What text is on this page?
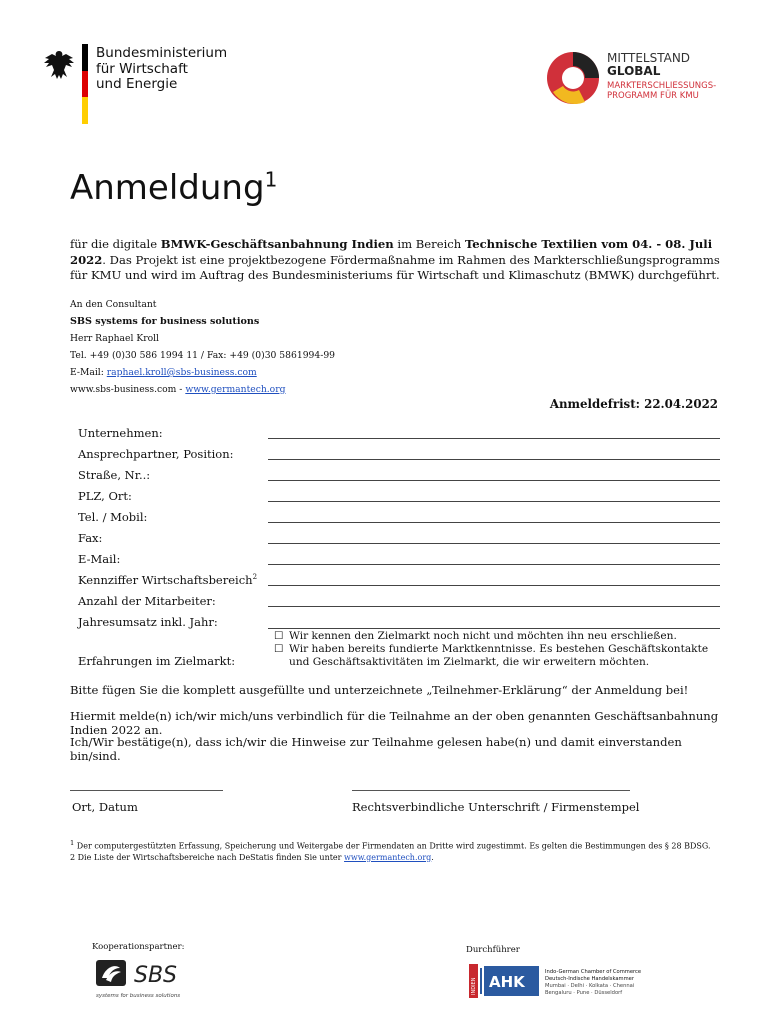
Bundesministerium
für Wirtschaft
und Energie
MITTELSTAND
GLOBAL
MARKTERSCHLIESSUNGS-
PROGRAMM FÜR KMU
Anmeldung$^1$

für die digitale BMWK-Geschäftsanbahnung Indien im Bereich Technische Textilien vom 04. - 08. Juli 2022. Das Projekt ist eine projektbezogene Fördermaßnahme im Rahmen des Markterschließungsprogramms für KMU und wird im Auftrag des Bundesministeriums für Wirtschaft und Klimaschutz (BMWK) durchgeführt.

An den Consultant
SBS systems for business solutions
Herr Raphael Kroll
Tel. +49 (0)30 586 1994 11 / Fax: +49 (0)30 5861994-99
E-Mail: raphael.kroll@sbs-business.com
www.sbs-business.com - www.germantech.org
Anmeldefrist: 22.04.2022
Unternehmen:
Ansprechpartner, Position:
Straße, Nr..:
PLZ, Ort:
Tel. / Mobil:
Fax:
E-Mail:
Kennziffer Wirtschaftsbereich$^2$
Anzahl der Mitarbeiter:
Jahresumsatz inkl. Jahr:
Erfahrungen im Zielmarkt:
☐ Wir kennen den Zielmarkt noch nicht und möchten ihn neu erschließen.
☐ Wir haben bereits fundierte Marktkenntnisse. Es bestehen Geschäftskontakte
und Geschäftsaktivitäten im Zielmarkt, die wir erweitern möchten.

Bitte fügen Sie die komplett ausgefüllte und unterzeichnete „Teilnehmer-Erklärung“ der Anmeldung bei!

Hiermit melde(n) ich/wir mich/uns verbindlich für die Teilnahme an der oben genannten Geschäftsanbahnung Indien 2022 an.

Ich/Wir bestätige(n), dass ich/wir die Hinweise zur Teilnahme gelesen habe(n) und damit einverstanden bin/sind.

Ort, Datum	Rechtsverbindliche Unterschrift / Firmenstempel
$^1$ Der computergestützten Erfassung, Speicherung und Weitergabe der Firmendaten an Dritte wird zugestimmt. Es gelten die Bestimmungen des § 28 BDSG.
2 Die Liste der Wirtschaftsbereiche nach DeStatis finden Sie unter www.germantech.org.
Kooperationspartner:	Durchführer
SBS
systems for business solutions
INDIEN AHK
Indo-German Chamber of Commerce
Deutsch-Indische Handelskammer
Mumbai · Delhi · Kolkata · Chennai
Bengaluru · Pune · Düsseldorf
